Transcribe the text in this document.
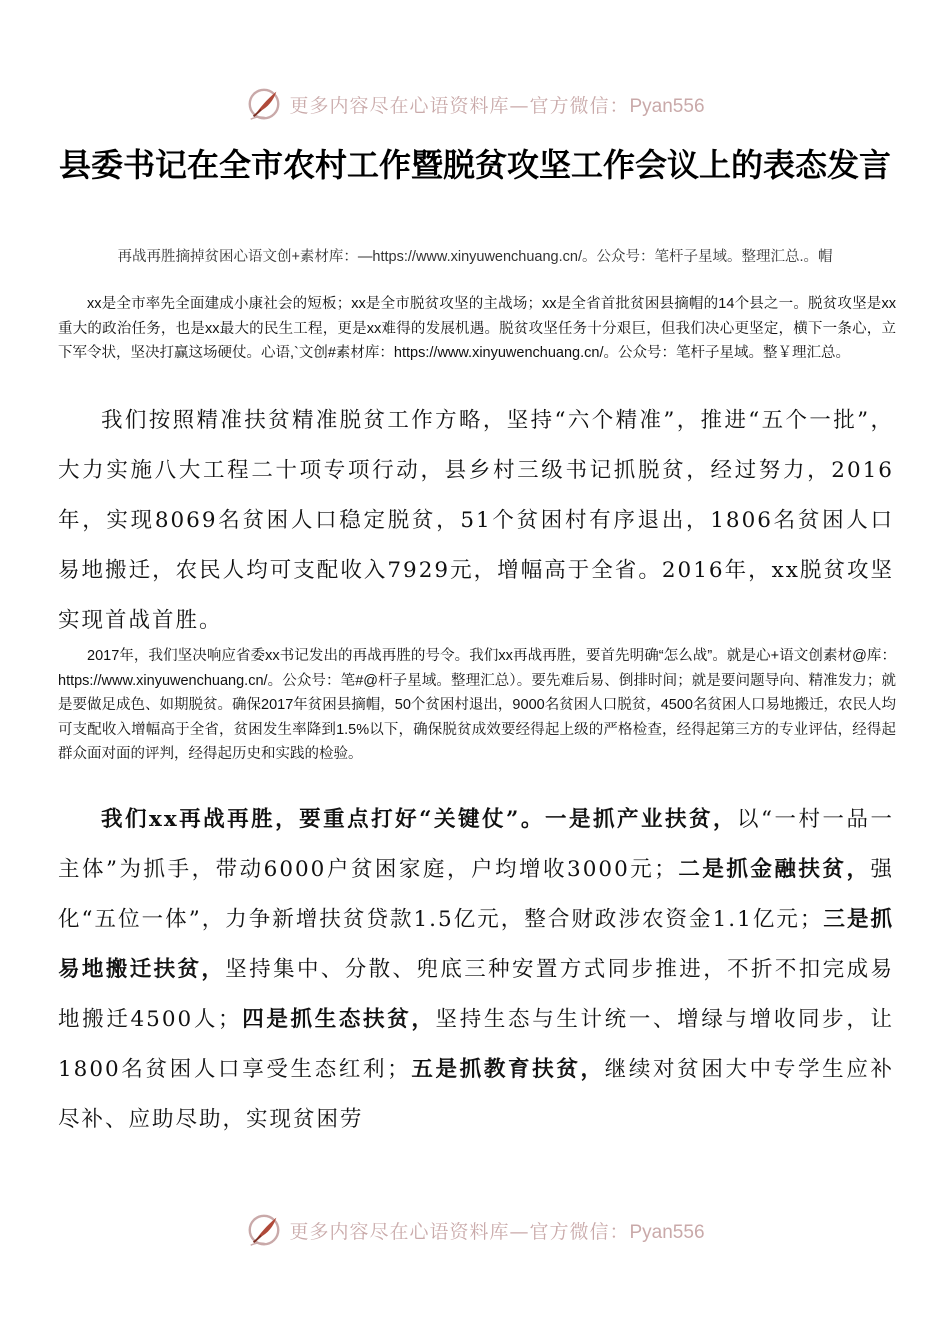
更多内容尽在心语资料库—官方微信：Pyan556
县委书记在全市农村工作暨脱贫攻坚工作会议上的表态发言
再战再胜摘掉贫困心语文创+素材库：—https://www.xinyuwenchuang.cn/。公众号：笔杆子星域。整理汇总.。帽

xx是全市率先全面建成小康社会的短板；xx是全市脱贫攻坚的主战场；xx是全省首批贫困县摘帽的14个县之一。脱贫攻坚是xx重大的政治任务，也是xx最大的民生工程，更是xx难得的发展机遇。脱贫攻坚任务十分艰巨，但我们决心更坚定，横下一条心，立下军令状，坚决打赢这场硬仗。心语,`文创#素材库：https://www.xinyuwenchuang.cn/。公众号：笔杆子星域。整￥理汇总。

我们按照精准扶贫精准脱贫工作方略，坚持“六个精准”，推进“五个一批”，大力实施八大工程二十项专项行动，县乡村三级书记抓脱贫，经过努力，2016年，实现8069名贫困人口稳定脱贫，51个贫困村有序退出，1806名贫困人口易地搬迁，农民人均可支配收入7929元，增幅高于全省。2016年，xx脱贫攻坚实现首战首胜。

2017年，我们坚决响应省委xx书记发出的再战再胜的号令。我们xx再战再胜，要首先明确“怎么战”。就是心+语文创素材@库：https://www.xinyuwenchuang.cn/。公众号：笔#@杆子星域。整理汇总）。要先难后易、倒排时间；就是要问题导向、精准发力；就是要做足成色、如期脱贫。确保2017年贫困县摘帽，50个贫困村退出，9000名贫困人口脱贫，4500名贫困人口易地搬迁，农民人均可支配收入增幅高于全省，贫困发生率降到1.5%以下，确保脱贫成效要经得起上级的严格检查，经得起第三方的专业评估，经得起群众面对面的评判，经得起历史和实践的检验。

我们xx再战再胜，要重点打好“关键仗”。一是抓产业扶贫，以“一村一品一主体”为抓手，带动6000户贫困家庭，户均增收3000元；二是抓金融扶贫，强化“五位一体”，力争新增扶贫贷款1.5亿元，整合财政涉农资金1.1亿元；三是抓易地搬迁扶贫，坚持集中、分散、兜底三种安置方式同步推进，不折不扣完成易地搬迁4500人；四是抓生态扶贫，坚持生态与生计统一、增绿与增收同步，让1800名贫困人口享受生态红利；五是抓教育扶贫，继续对贫困大中专学生应补尽补、应助尽助，实现贫困劳

更多内容尽在心语资料库—官方微信：Pyan556
